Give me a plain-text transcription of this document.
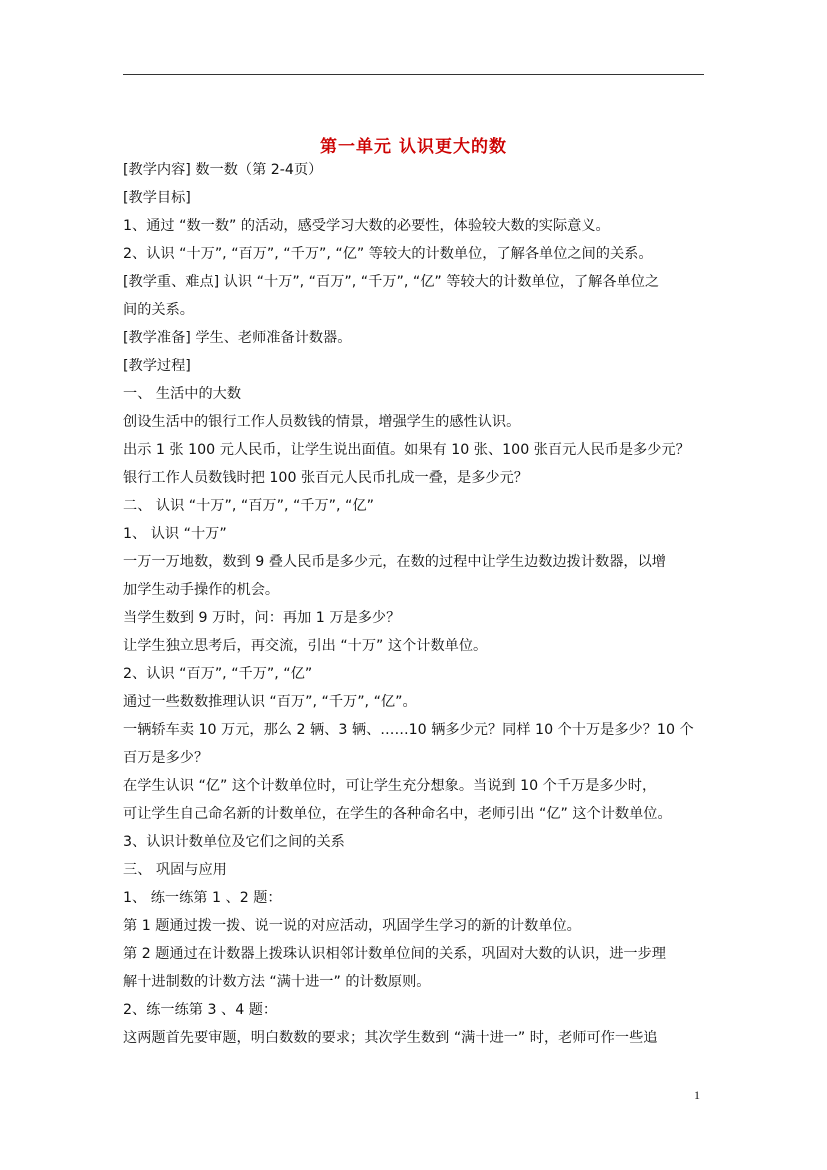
第一单元 认识更大的数
[教学内容] 数一数（第 2-4页）
[教学目标]
1、通过 “数一数” 的活动，感受学习大数的必要性，体验较大数的实际意义。
2、认识 “十万”, “百万”, “千万”, “亿” 等较大的计数单位，了解各单位之间的关系。
[教学重、难点] 认识 “十万”, “百万”, “千万”, “亿” 等较大的计数单位，了解各单位之
间的关系。
[教学准备] 学生、老师准备计数器。
[教学过程]
一、 生活中的大数
创设生活中的银行工作人员数钱的情景，增强学生的感性认识。
出示 1 张 100 元人民币，让学生说出面值。如果有 10 张、100 张百元人民币是多少元？
银行工作人员数钱时把 100 张百元人民币扎成一叠，是多少元？
二、 认识 “十万”, “百万”, “千万”, “亿”
1、 认识 “十万”
一万一万地数，数到 9 叠人民币是多少元，在数的过程中让学生边数边拨计数器，以增
加学生动手操作的机会。
当学生数到 9 万时，问：再加 1 万是多少？
让学生独立思考后，再交流，引出 “十万” 这个计数单位。
2、认识 “百万”, “千万”, “亿”
通过一些数数推理认识 “百万”, “千万”, “亿”。
一辆轿车卖 10 万元，那么 2 辆、3 辆、……10 辆多少元？同样 10 个十万是多少？10 个
百万是多少？
在学生认识 “亿” 这个计数单位时，可让学生充分想象。当说到 10 个千万是多少时，
可让学生自己命名新的计数单位，在学生的各种命名中，老师引出 “亿” 这个计数单位。
3、认识计数单位及它们之间的关系
三、 巩固与应用
1、 练一练第 1 、2 题：
第 1 题通过拨一拨、说一说的对应活动，巩固学生学习的新的计数单位。
第 2 题通过在计数器上拨珠认识相邻计数单位间的关系，巩固对大数的认识，进一步理
解十进制数的计数方法 “满十进一” 的计数原则。
2、练一练第 3 、4 题：
这两题首先要审题，明白数数的要求；其次学生数到 “满十进一” 时，老师可作一些追
1
